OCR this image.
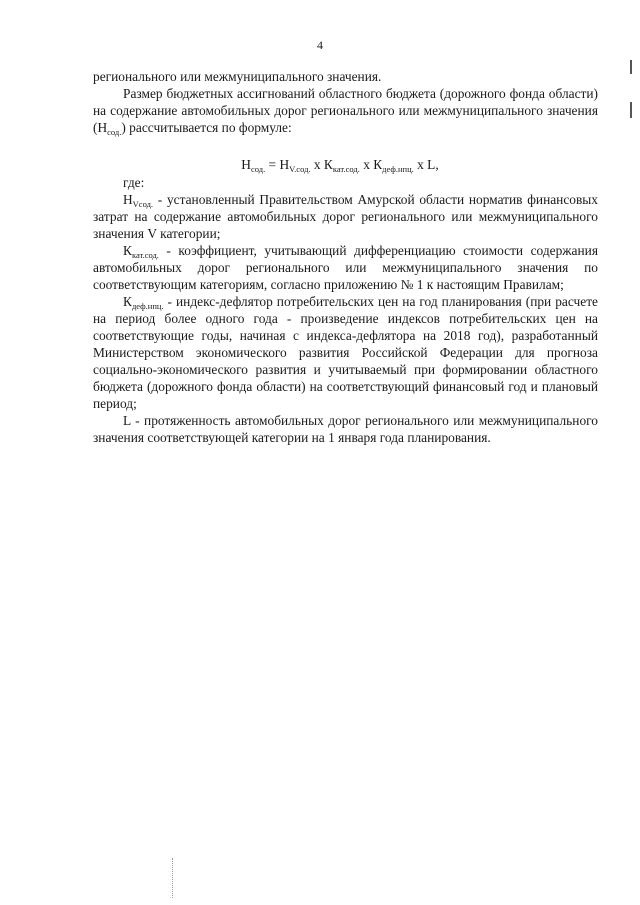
4

регионального или межмуниципального значения.

Размер бюджетных ассигнований областного бюджета (дорожного фонда области) на содержание автомобильных дорог регионального или межмуниципального значения $(Н_{сод.})$ рассчитывается по формуле:

$Н_{сод.} = Н_{V.сод.}$ x $К_{кат.сод.}$ x $К_{деф.нпц.}$ x L,

где:

$Н_{Vсод.}$ - установленный Правительством Амурской области норматив финансовых затрат на содержание автомобильных дорог регионального или межмуниципального значения V категории;

$К_{кат.сод.}$ - коэффициент, учитывающий дифференциацию стоимости содержания автомобильных дорог регионального или межмуниципального значения по соответствующим категориям, согласно приложению № 1 к настоящим Правилам;

$К_{деф.нпц.}$ - индекс-дефлятор потребительских цен на год планирования (при расчете на период более одного года - произведение индексов потребительских цен на соответствующие годы, начиная с индекса-дефлятора на 2018 год), разработанный Министерством экономического развития Российской Федерации для прогноза социально-экономического развития и учитываемый при формировании областного бюджета (дорожного фонда области) на соответствующий финансовый год и плановый период;

L - протяженность автомобильных дорог регионального или межмуниципального значения соответствующей категории на 1 января года планирования.
